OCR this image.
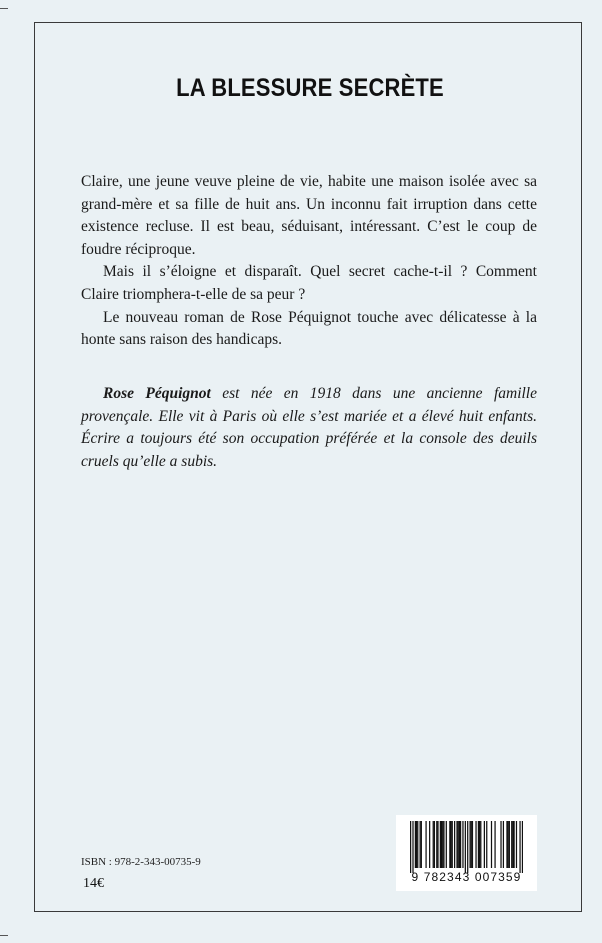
LA BLESSURE SECRÈTE

Claire, une jeune veuve pleine de vie, habite une maison isolée avec sa grand-mère et sa fille de huit ans. Un inconnu fait irruption dans cette existence recluse. Il est beau, séduisant, intéressant. C’est le coup de foudre réciproque.

Mais il s’éloigne et disparaît. Quel secret cache-t-il ? Comment Claire triomphera-t-elle de sa peur ?

Le nouveau roman de Rose Péquignot touche avec délicatesse à la honte sans raison des handicaps.

Rose Péquignot est née en 1918 dans une ancienne famille provençale. Elle vit à Paris où elle s’est mariée et a élevé huit enfants. Écrire a toujours été son occupation préférée et la console des deuils cruels qu’elle a subis.

ISBN : 978-2-343-00735-9
14€	9 782343 007359
